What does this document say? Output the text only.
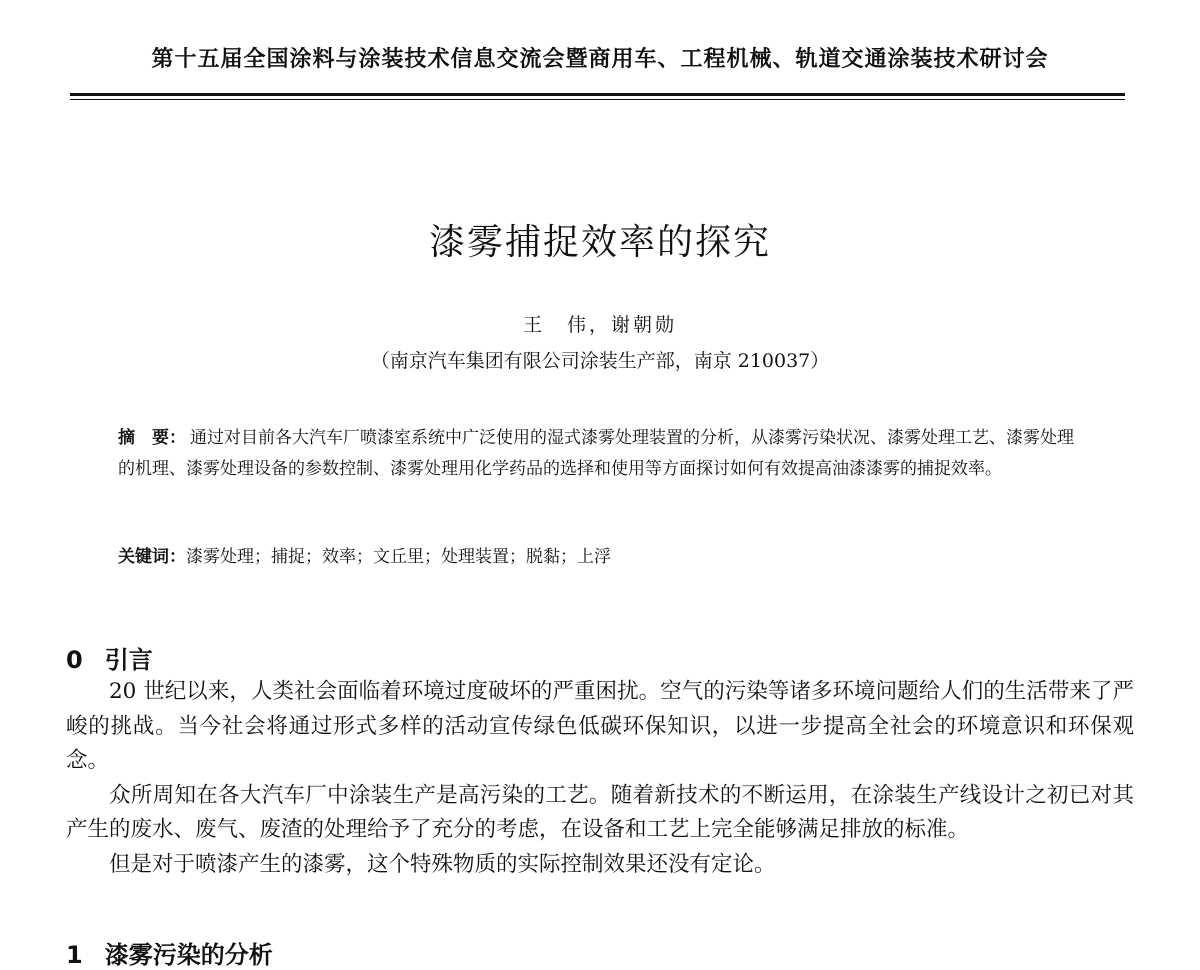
第十五届全国涂料与涂装技术信息交流会暨商用车、工程机械、轨道交通涂装技术研讨会
漆雾捕捉效率的探究
王　伟，谢朝勋
（南京汽车集团有限公司涂装生产部，南京 210037）
摘　要： 通过对目前各大汽车厂喷漆室系统中广泛使用的湿式漆雾处理装置的分析，从漆雾污染状况、漆雾处理工艺、漆雾处理的机理、漆雾处理设备的参数控制、漆雾处理用化学药品的选择和使用等方面探讨如何有效提高油漆漆雾的捕捉效率。
关键词：漆雾处理；捕捉；效率；文丘里；处理装置；脱黏；上浮
0 引言

20 世纪以来，人类社会面临着环境过度破坏的严重困扰。空气的污染等诸多环境问题给人们的生活带来了严峻的挑战。当今社会将通过形式多样的活动宣传绿色低碳环保知识，以进一步提高全社会的环境意识和环保观念。

众所周知在各大汽车厂中涂装生产是高污染的工艺。随着新技术的不断运用，在涂装生产线设计之初已对其产生的废水、废气、废渣的处理给予了充分的考虑，在设备和工艺上完全能够满足排放的标准。

但是对于喷漆产生的漆雾，这个特殊物质的实际控制效果还没有定论。

1 漆雾污染的分析
